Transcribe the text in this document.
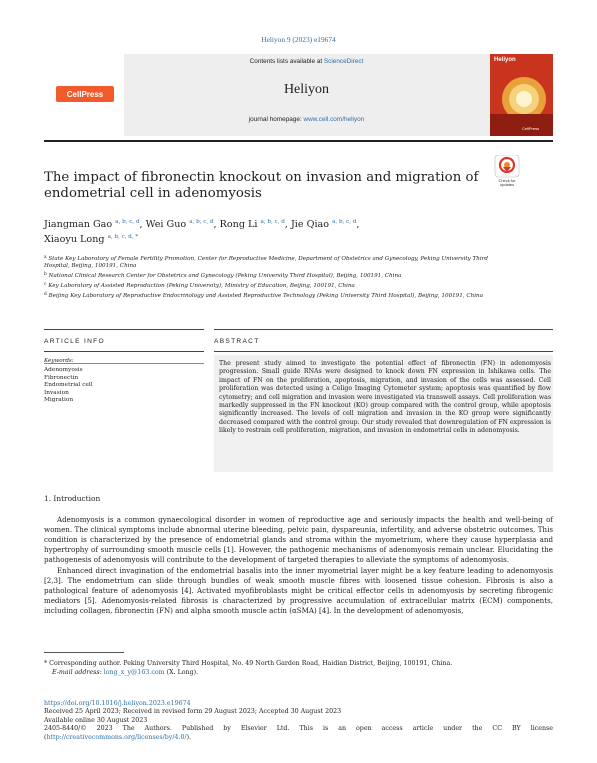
Heliyon 9 (2023) e19674
CellPress
Contents lists available at ScienceDirect
Heliyon
journal homepage: www.cell.com/heliyon
Heliyon
CellPress
Check for updates
The impact of fibronectin knockout on invasion and migration of endometrial cell in adenomyosis
Jiangman Gao $^{a, b, c, d}$, Wei Guo $^{a, b, c, d}$, Rong Li $^{a, b, c, d}$, Jie Qiao $^{a, b, c, d}$,
Xiaoyu Long $^{a, b, c, d, *}$

$^a$ State Key Laboratory of Female Fertility Promotion, Center for Reproductive Medicine, Department of Obstetrics and Gynecology, Peking University Third Hospital, Beijing, 100191, China

$^b$ National Clinical Research Center for Obstetrics and Gynecology (Peking University Third Hospital), Beijing, 100191, China

$^c$ Key Laboratory of Assisted Reproduction (Peking University), Ministry of Education, Beijing, 100191, China

$^d$ Beijing Key Laboratory of Reproductive Endocrinology and Assisted Reproductive Technology (Peking University Third Hospital), Beijing, 100191, China

ARTICLE INFO	ABSTRACT
Keywords:
Adenomyosis
Fibronectin
Endometrial cell
Invasion
Migration
The present study aimed to investigate the potential effect of fibronectin (FN) in adenomyosis progression. Small guide RNAs were designed to knock down FN expression in Ishikawa cells. The impact of FN on the proliferation, apoptosis, migration, and invasion of the cells was assessed. Cell proliferation was detected using a Celigo Imaging Cytometer system; apoptosis was quantified by flow cytometry; and cell migration and invasion were investigated via transwell assays. Cell proliferation was markedly suppressed in the FN knockout (KO) group compared with the control group, while apoptosis significantly increased. The levels of cell migration and invasion in the KO group were significantly decreased compared with the control group. Our study revealed that downregulation of FN expression is likely to restrain cell proliferation, migration, and invasion in endometrial cells in adenomyosis.
1. Introduction

Adenomyosis is a common gynaecological disorder in women of reproductive age and seriously impacts the health and well-being of women. The clinical symptoms include abnormal uterine bleeding, pelvic pain, dyspareunia, infertility, and adverse obstetric outcomes. This condition is characterized by the presence of endometrial glands and stroma within the myometrium, where they cause hyperplasia and hypertrophy of surrounding smooth muscle cells [1]. However, the pathogenic mechanisms of adenomyosis remain unclear. Elucidating the pathogenesis of adenomyosis will contribute to the development of targeted therapies to alleviate the symptoms of adenomyosis.

Enhanced direct invagination of the endometrial basalis into the inner myometrial layer might be a key feature leading to adenomyosis [2,3]. The endometrium can slide through bundles of weak smooth muscle fibres with loosened tissue cohesion. Fibrosis is also a pathological feature of adenomyosis [4]. Activated myofibroblasts might be critical effector cells in adenomyosis by secreting fibrogenic mediators [5]. Adenomyosis-related fibrosis is characterized by progressive accumulation of extracellular matrix (ECM) components, including collagen, fibronectin (FN) and alpha smooth muscle actin (αSMA) [4]. In the development of adenomyosis,

* Corresponding author. Peking University Third Hospital, No. 49 North Garden Road, Haidian District, Beijing, 100191, China.
E-mail address: long_x_y@163.com (X. Long).
https://doi.org/10.1016/j.heliyon.2023.e19674
Received 25 April 2023; Received in revised form 29 August 2023; Accepted 30 August 2023
Available online 30 August 2023
2405-8440/© 2023 The Authors. Published by Elsevier Ltd. This is an open access article under the CC BY license
(http://creativecommons.org/licenses/by/4.0/).
